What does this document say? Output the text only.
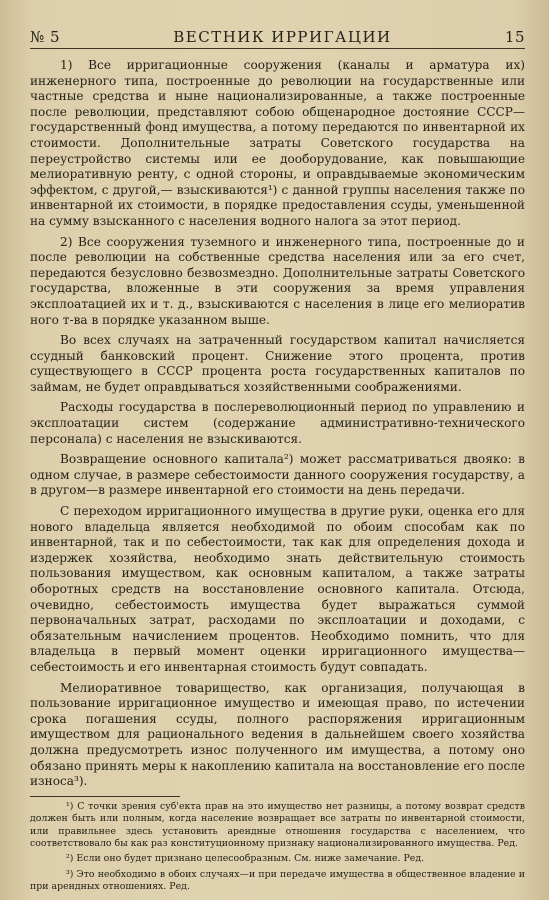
№ 5	ВЕСТНИК ИРРИГАЦИИ	15

1) Все ирригационные сооружения (каналы и арматура их) инженерного типа, построенные до революции на государственные или частные средства и ныне национализированные, а также построенные после революции, представляют собою общенародное достояние СССР—государственный фонд имущества, а потому передаются по инвентарной их стоимости. Дополнительные затраты Советского государства на переустройство системы или ее дооборудование, как повышающие мелиоративную ренту, с одной стороны, и оправдываемые экономическим эффектом, с другой,— взыскиваются¹) с данной группы населения также по инвентарной их стоимости, в порядке предоставления ссуды, уменьшенной на сумму взысканного с населения водного налога за этот период.

2) Все сооружения туземного и инженерного типа, построенные до и после революции на собственные средства населения или за его счет, передаются безусловно безвозмездно. Дополнительные затраты Советского государства, вложенные в эти сооружения за время управления эксплоатацией их и т. д., взыскиваются с населения в лице его мелиоратив ного т-ва в порядке указанном выше.

Во всех случаях на затраченный государством капитал начисляется ссудный банковский процент. Снижение этого процента, против существующего в СССР процента роста государственных капиталов по займам, не будет оправдываться хозяйственными соображениями.

Расходы государства в послереволюционный период по управлению и эксплоатации систем (содержание административно-технического персонала) с населения не взыскиваются.

Возвращение основного капитала²) может рассматриваться двояко: в одном случае, в размере себестоимости данного сооружения государству, а в другом—в размере инвентарной его стоимости на день передачи.

С переходом ирригационного имущества в другие руки, оценка его для нового владельца является необходимой по обоим способам как по инвентарной, так и по себестоимости, так как для определения дохода и издержек хозяйства, необходимо знать действительную стоимость пользования имуществом, как основным капиталом, а также затраты оборотных средств на восстановление основного капитала. Отсюда, очевидно, себестоимость имущества будет выражаться суммой первоначальных затрат, расходами по эксплоатации и доходами, с обязательным начислением процентов. Необходимо помнить, что для владельца в первый момент оценки ирригационного имущества—себестоимость и его инвентарная стоимость будут совпадать.

Мелиоративное товарищество, как организация, получающая в пользование ирригационное имущество и имеющая право, по истечении срока погашения ссуды, полного распоряжения ирригационным имуществом для рационального ведения в дальнейшем своего хозяйства должна предусмотреть износ полученного им имущества, а потому оно обязано принять меры к накоплению капитала на восстановление его после износа³).

¹) С точки зрения суб'екта прав на это имущество нет разницы, а потому возврат средств должен быть или полным, когда население возвращает все затраты по инвентарной стоимости, или правильнее здесь установить арендные отношения государства с населением, что соответствовало бы как раз конституционному признаку национализированного имущества. Ред.

²) Если оно будет признано целесообразным. См. ниже замечание. Ред.

³) Это необходимо в обоих случаях—и при передаче имущества в общественное владение и при арендных отношениях. Ред.
